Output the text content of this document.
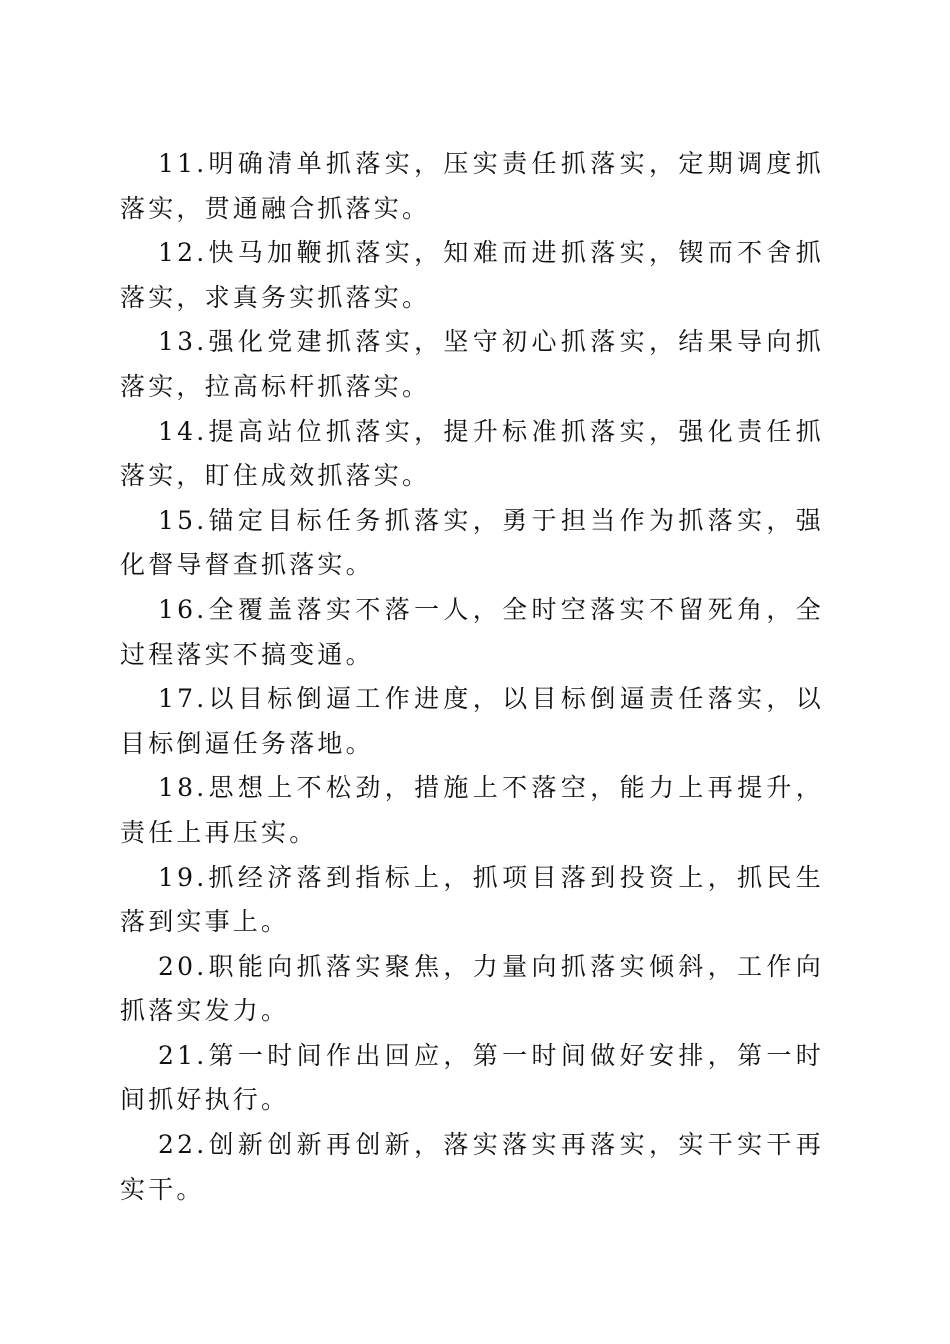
11.明确清单抓落实，压实责任抓落实，定期调度抓落实，贯通融合抓落实。

12.快马加鞭抓落实，知难而进抓落实，锲而不舍抓落实，求真务实抓落实。

13.强化党建抓落实，坚守初心抓落实，结果导向抓落实，拉高标杆抓落实。

14.提高站位抓落实，提升标准抓落实，强化责任抓落实，盯住成效抓落实。

15.锚定目标任务抓落实，勇于担当作为抓落实，强化督导督查抓落实。

16.全覆盖落实不落一人，全时空落实不留死角，全过程落实不搞变通。

17.以目标倒逼工作进度，以目标倒逼责任落实，以目标倒逼任务落地。

18.思想上不松劲，措施上不落空，能力上再提升，责任上再压实。

19.抓经济落到指标上，抓项目落到投资上，抓民生落到实事上。

20.职能向抓落实聚焦，力量向抓落实倾斜，工作向抓落实发力。

21.第一时间作出回应，第一时间做好安排，第一时间抓好执行。

22.创新创新再创新，落实落实再落实，实干实干再实干。
